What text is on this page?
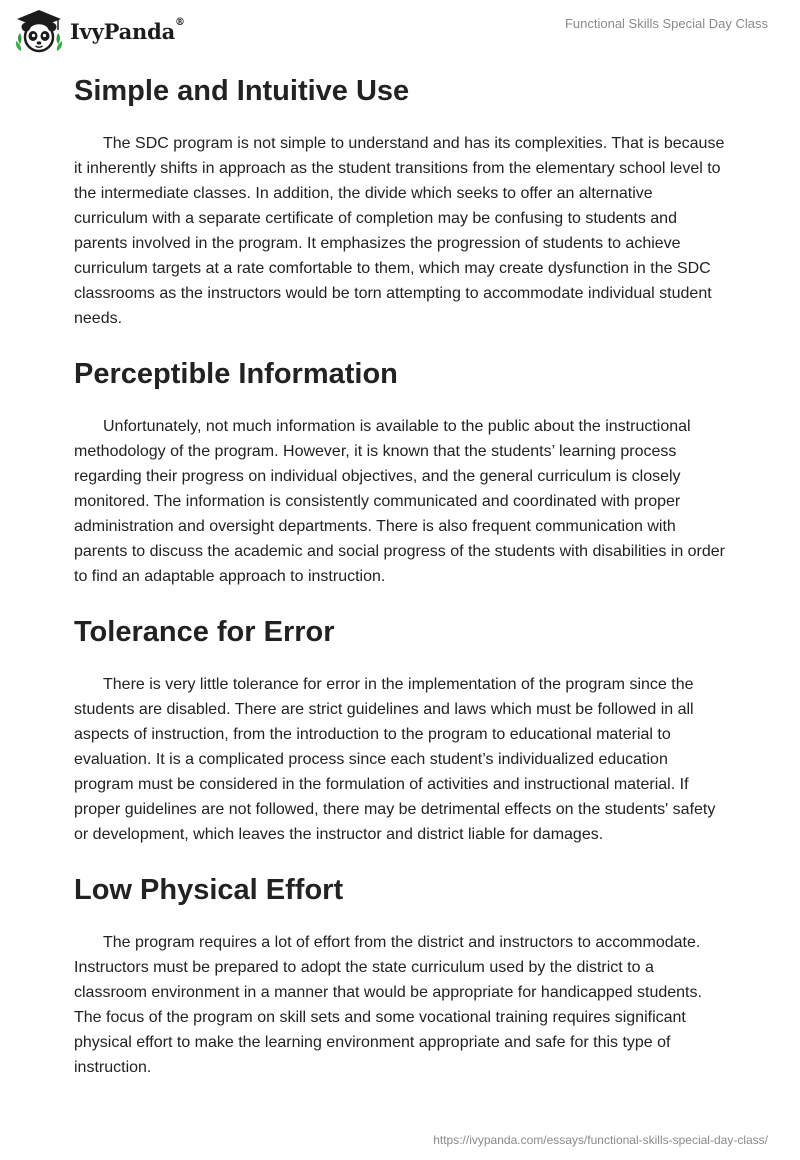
IvyPanda®	Functional Skills Special Day Class
Simple and Intuitive Use

The SDC program is not simple to understand and has its complexities. That is because it inherently shifts in approach as the student transitions from the elementary school level to the intermediate classes. In addition, the divide which seeks to offer an alternative curriculum with a separate certificate of completion may be confusing to students and parents involved in the program. It emphasizes the progression of students to achieve curriculum targets at a rate comfortable to them, which may create dysfunction in the SDC classrooms as the instructors would be torn attempting to accommodate individual student needs.

Perceptible Information

Unfortunately, not much information is available to the public about the instructional methodology of the program. However, it is known that the students’ learning process regarding their progress on individual objectives, and the general curriculum is closely monitored. The information is consistently communicated and coordinated with proper administration and oversight departments. There is also frequent communication with parents to discuss the academic and social progress of the students with disabilities in order to find an adaptable approach to instruction.

Tolerance for Error

There is very little tolerance for error in the implementation of the program since the students are disabled. There are strict guidelines and laws which must be followed in all aspects of instruction, from the introduction to the program to educational material to evaluation. It is a complicated process since each student’s individualized education program must be considered in the formulation of activities and instructional material. If proper guidelines are not followed, there may be detrimental effects on the students' safety or development, which leaves the instructor and district liable for damages.

Low Physical Effort

The program requires a lot of effort from the district and instructors to accommodate. Instructors must be prepared to adopt the state curriculum used by the district to a classroom environment in a manner that would be appropriate for handicapped students. The focus of the program on skill sets and some vocational training requires significant physical effort to make the learning environment appropriate and safe for this type of instruction.

https://ivypanda.com/essays/functional-skills-special-day-class/
